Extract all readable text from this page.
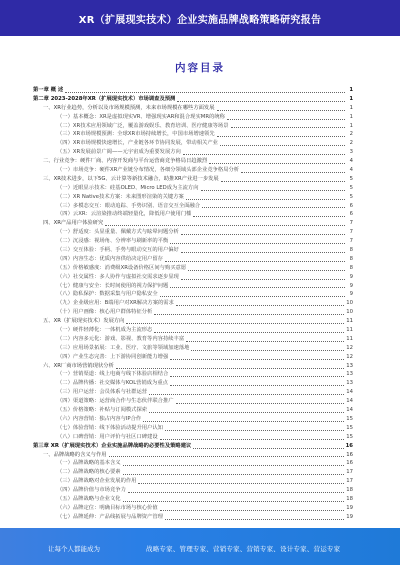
XR（扩展现实技术）企业实施品牌战略策略研究报告
内容目录
第一章 概 述	1
第二章 2023-2028年XR（扩展现实技术）市场调查及预测	1
一、XR行业趋势，分析以及市场规模预测，未来市场规模在哪些方面发展	1
（一）基本概念：XR是虚拟现实VR、增强现实AR和混合现实MR的统称	1
（二）XR技术应用领域广泛，覆盖游戏娱乐、教育培训、医疗健康等场景	1
（三）XR市场规模预测：全球XR市场持续增长，中国市场增速领先	2
（四）XR市场规模快速增长，产业链各环节协同发展，带动相关产业	2
（五）XR发展前景广阔——元宇宙成为重要发展方向	3
二、行业竞争：硬件厂商、内容开发商与平台运营商竞争格局日趋激烈	4
（一）市场竞争：硬件XR产业链分布情况，各细分领域头部企业竞争格局分析	4
三、XR技术进步，以下5G、云计算等新技术融合，助推XR产业进一步发展	5
（一）近眼显示技术：硅基OLED、Micro LED成为主流方向	5
（二）XR Native技术方案：未来图形渲染的关键方案	5
（三）多模态交互：眼动追踪、手势识别、语音交互全面融合	6
（四）云XR：云渲染推动终端轻量化，降低用户使用门槛	6
四、XR产品用户体验研究	7
（一）舒适度：头显重量、佩戴方式与眩晕问题分析	7
（二）沉浸感：视场角、分辨率与刷新率的平衡	7
（三）交互体验：手柄、手势与眼动交互的用户偏好	8
（四）内容生态：优质内容供给决定用户留存	8
（五）价格敏感度：消费级XR设备价格区间与购买意愿	8
（六）社交属性：多人协作与虚拟社交需求逐步显现	9
（七）健康与安全：长时间使用的视力保护问题	9
（八）隐私保护：数据采集与用户隐私安全	9
（九）企业级应用：B端用户对XR解决方案的需求	10
（十）用户画像：核心用户群体特征分析	10
五、XR（扩展现实技术）发展方向	11
（一）硬件轻薄化：一体机成为主流形态	11
（二）内容多元化：游戏、影视、教育等内容持续丰富	11
（三）应用场景拓展：工业、医疗、文旅等领域加速落地	12
（四）产业生态完善：上下游协同创新能力增强	12
六、XR厂商市场营销现状分析	13
（一）营销渠道：线上电商与线下体验店相结合	13
（二）品牌传播：社交媒体与KOL营销成为重点	13
（三）用户运营：会员体系与社群运营	14
（四）渠道策略：运营商合作与生态伙伴联合推广	14
（五）价格策略：补贴与订阅模式探索	14
（六）内容营销：独占内容与IP合作	15
（七）体验营销：线下体验活动提升用户认知	15
（八）口碑营销：用户评价与社区口碑建设	15
第三章 XR（扩展现实技术）企业实施品牌战略的必要性及策略建议	16
一、品牌战略的含义与作用	16
（一）品牌战略的基本含义	16
（二）品牌战略的核心要素	17
（三）品牌战略对企业发展的作用	17
（四）品牌价值与市场竞争力	18
（五）品牌战略与企业文化	18
（六）品牌定位：明确目标市场与核心价值	19
（七）品牌延伸：产品线拓展与品牌资产管理	19
让每个人都能成为	战略专家、管理专家、营销专家、营销专家、设计专家、营运专家
